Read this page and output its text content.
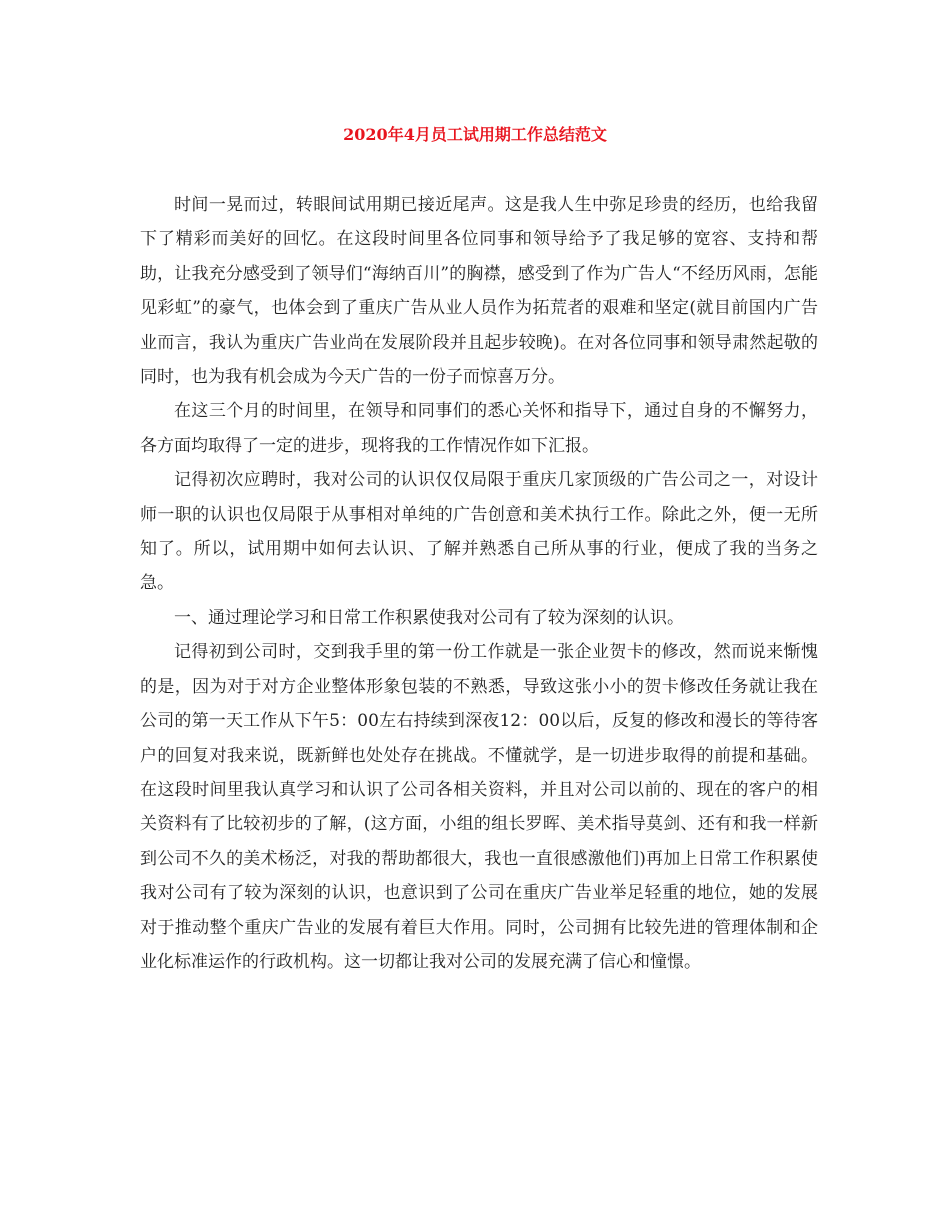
2020年4月员工试用期工作总结范文

时间一晃而过，转眼间试用期已接近尾声。这是我人生中弥足珍贵的经历，也给我留下了精彩而美好的回忆。在这段时间里各位同事和领导给予了我足够的宽容、支持和帮助，让我充分感受到了领导们“海纳百川”的胸襟，感受到了作为广告人“不经历风雨，怎能见彩虹”的豪气，也体会到了重庆广告从业人员作为拓荒者的艰难和坚定(就目前国内广告业而言，我认为重庆广告业尚在发展阶段并且起步较晚)。在对各位同事和领导肃然起敬的同时，也为我有机会成为今天广告的一份子而惊喜万分。

在这三个月的时间里，在领导和同事们的悉心关怀和指导下，通过自身的不懈努力，各方面均取得了一定的进步，现将我的工作情况作如下汇报。

记得初次应聘时，我对公司的认识仅仅局限于重庆几家顶级的广告公司之一，对设计师一职的认识也仅局限于从事相对单纯的广告创意和美术执行工作。除此之外，便一无所知了。所以，试用期中如何去认识、了解并熟悉自己所从事的行业，便成了我的当务之急。

一、通过理论学习和日常工作积累使我对公司有了较为深刻的认识。

记得初到公司时，交到我手里的第一份工作就是一张企业贺卡的修改，然而说来惭愧的是，因为对于对方企业整体形象包装的不熟悉，导致这张小小的贺卡修改任务就让我在公司的第一天工作从下午5：00左右持续到深夜12：00以后，反复的修改和漫长的等待客户的回复对我来说，既新鲜也处处存在挑战。不懂就学，是一切进步取得的前提和基础。在这段时间里我认真学习和认识了公司各相关资料，并且对公司以前的、现在的客户的相关资料有了比较初步的了解，(这方面，小组的组长罗晖、美术指导莫剑、还有和我一样新到公司不久的美术杨泛，对我的帮助都很大，我也一直很感激他们)再加上日常工作积累使我对公司有了较为深刻的认识，也意识到了公司在重庆广告业举足轻重的地位，她的发展对于推动整个重庆广告业的发展有着巨大作用。同时，公司拥有比较先进的管理体制和企业化标准运作的行政机构。这一切都让我对公司的发展充满了信心和憧憬。
